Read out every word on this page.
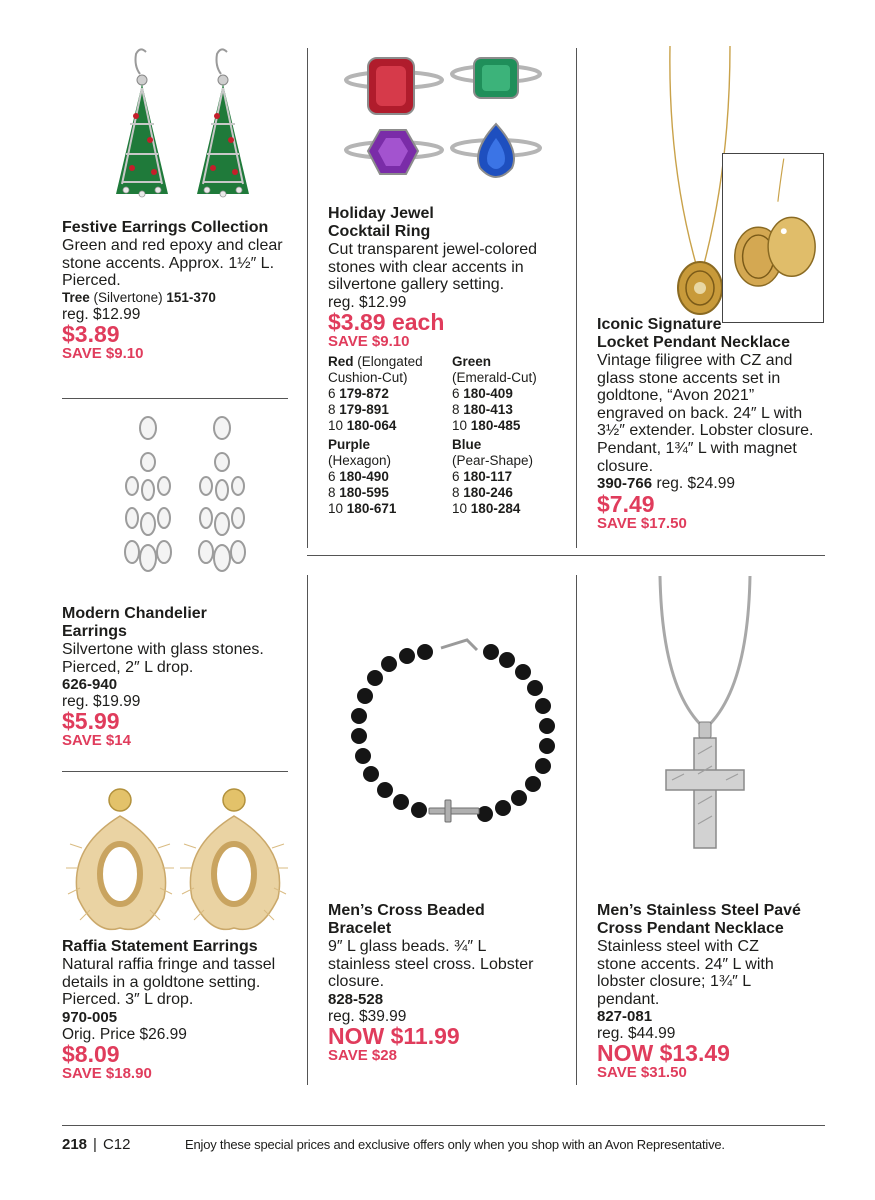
Festive Earrings Collection
Green and red epoxy and clear stone accents. Approx. 1½″ L. Pierced.
Tree (Silvertone) 151-370
reg. $12.99
$3.89
SAVE $9.10
Holiday Jewel
Cocktail Ring
Cut transparent jewel-colored stones with clear accents in silvertone gallery setting.
reg. $12.99
$3.89 each
SAVE $9.10
Red (Elongated Cushion-Cut)
6 179-872
8 179-891
10 180-064
Green
(Emerald-Cut)
6 180-409
8 180-413
10 180-485
Purple
(Hexagon)
6 180-490
8 180-595
10 180-671
Blue
(Pear-Shape)
6 180-117
8 180-246
10 180-284
Iconic Signature
Locket Pendant Necklace
Vintage filigree with CZ and glass stone accents set in goldtone, “Avon 2021” engraved on back. 24″ L with 3½″ extender. Lobster closure. Pendant, 1¾″ L with magnet closure.
390-766 reg. $24.99
$7.49
SAVE $17.50
Modern Chandelier
Earrings
Silvertone with glass stones. Pierced, 2″ L drop.
626-940
reg. $19.99
$5.99
SAVE $14
Men’s Cross Beaded
Bracelet
9″ L glass beads. ¾″ L stainless steel cross. Lobster closure.
828-528
reg. $39.99
NOW $11.99
SAVE $28
Men’s Stainless Steel Pavé
Cross Pendant Necklace
Stainless steel with CZ stone accents. 24″ L with lobster closure; 1¾″ L pendant.
827-081
reg. $44.99
NOW $13.49
SAVE $31.50
Raffia Statement Earrings
Natural raffia fringe and tassel details in a goldtone setting. Pierced. 3″ L drop.
970-005
Orig. Price $26.99
$8.09
SAVE $18.90
218 | C12	Enjoy these special prices and exclusive offers only when you shop with an Avon Representative.
